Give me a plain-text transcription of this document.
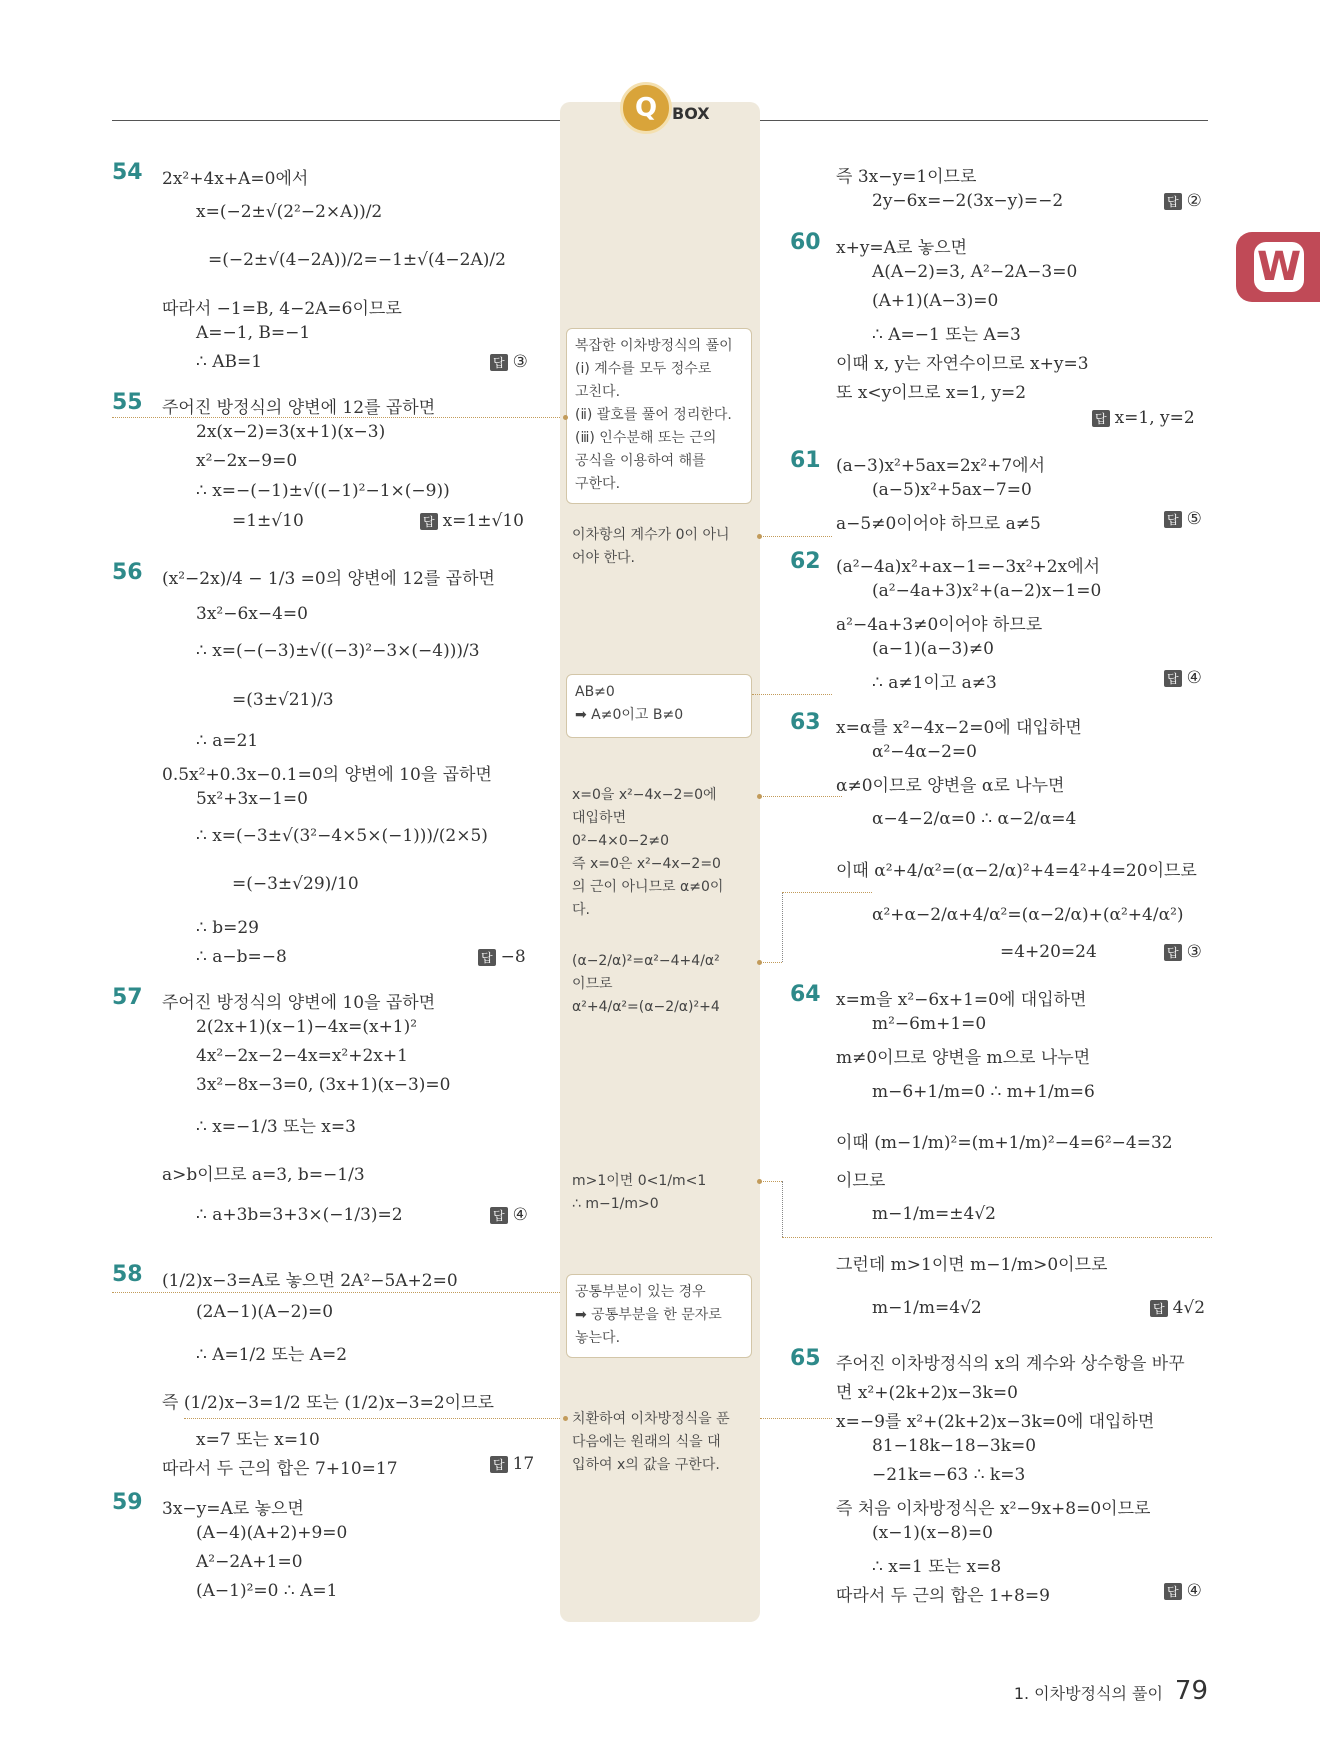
Q BOX
W
54 2x²+4x+A=0에서
x=(−2±√(2²−2×A))/2
=(−2±√(4−2A))/2=−1±√(4−2A)/2
따라서 −1=B, 4−2A=6이므로
A=−1, B=−1
∴ AB=1	답 ③
55 주어진 방정식의 양변에 12를 곱하면
2x(x−2)=3(x+1)(x−3)
x²−2x−9=0
∴ x=−(−1)±√((−1)²−1×(−9))
=1±√10	답 x=1±√10
56 (x²−2x)/4 − 1/3 =0의 양변에 12를 곱하면
3x²−6x−4=0
∴ x=(−(−3)±√((−3)²−3×(−4)))/3
=(3±√21)/3
∴ a=21
0.5x²+0.3x−0.1=0의 양변에 10을 곱하면
5x²+3x−1=0
∴ x=(−3±√(3²−4×5×(−1)))/(2×5)
=(−3±√29)/10
∴ b=29
∴ a−b=−8	답 −8
57 주어진 방정식의 양변에 10을 곱하면
2(2x+1)(x−1)−4x=(x+1)²
4x²−2x−2−4x=x²+2x+1
3x²−8x−3=0, (3x+1)(x−3)=0
∴ x=−1/3 또는 x=3
a>b이므로 a=3, b=−1/3
∴ a+3b=3+3×(−1/3)=2	답 ④
58 (1/2)x−3=A로 놓으면 2A²−5A+2=0
(2A−1)(A−2)=0
∴ A=1/2 또는 A=2
즉 (1/2)x−3=1/2 또는 (1/2)x−3=2이므로
x=7 또는 x=10
따라서 두 근의 합은 7+10=17	답 17
59 3x−y=A로 놓으면
(A−4)(A+2)+9=0
A²−2A+1=0
(A−1)²=0 ∴ A=1
복잡한 이차방정식의 풀이
(ⅰ) 계수를 모두 정수로
고친다.
(ⅱ) 괄호를 풀어 정리한다.
(ⅲ) 인수분해 또는 근의
공식을 이용하여 해를
구한다.
이차항의 계수가 0이 아니
어야 한다.
AB≠0
➡ A≠0이고 B≠0
x=0을 x²−4x−2=0에
대입하면
0²−4×0−2≠0
즉 x=0은 x²−4x−2=0
의 근이 아니므로 α≠0이
다.
(α−2/α)²=α²−4+4/α²
이므로
α²+4/α²=(α−2/α)²+4
m>1이면 0<1/m<1
∴ m−1/m>0
공통부분이 있는 경우
➡ 공통부분을 한 문자로
놓는다.
치환하여 이차방정식을 푼
다음에는 원래의 식을 대
입하여 x의 값을 구한다.
즉 3x−y=1이므로
2y−6x=−2(3x−y)=−2	답 ②
60 x+y=A로 놓으면
A(A−2)=3, A²−2A−3=0
(A+1)(A−3)=0
∴ A=−1 또는 A=3
이때 x, y는 자연수이므로 x+y=3
또 x<y이므로 x=1, y=2
답 x=1, y=2
61 (a−3)x²+5ax=2x²+7에서
(a−5)x²+5ax−7=0
a−5≠0이어야 하므로 a≠5	답 ⑤
62 (a²−4a)x²+ax−1=−3x²+2x에서
(a²−4a+3)x²+(a−2)x−1=0
a²−4a+3≠0이어야 하므로
(a−1)(a−3)≠0
∴ a≠1이고 a≠3	답 ④
63 x=α를 x²−4x−2=0에 대입하면
α²−4α−2=0
α≠0이므로 양변을 α로 나누면
α−4−2/α=0 ∴ α−2/α=4
이때 α²+4/α²=(α−2/α)²+4=4²+4=20이므로
α²+α−2/α+4/α²=(α−2/α)+(α²+4/α²)
=4+20=24	답 ③
64 x=m을 x²−6x+1=0에 대입하면
m²−6m+1=0
m≠0이므로 양변을 m으로 나누면
m−6+1/m=0 ∴ m+1/m=6
이때 (m−1/m)²=(m+1/m)²−4=6²−4=32
이므로
m−1/m=±4√2
그런데 m>1이면 m−1/m>0이므로
m−1/m=4√2	답 4√2
65 주어진 이차방정식의 x의 계수와 상수항을 바꾸
면 x²+(2k+2)x−3k=0
x=−9를 x²+(2k+2)x−3k=0에 대입하면
81−18k−18−3k=0
−21k=−63 ∴ k=3
즉 처음 이차방정식은 x²−9x+8=0이므로
(x−1)(x−8)=0
∴ x=1 또는 x=8
따라서 두 근의 합은 1+8=9	답 ④
1. 이차방정식의 풀이 79
